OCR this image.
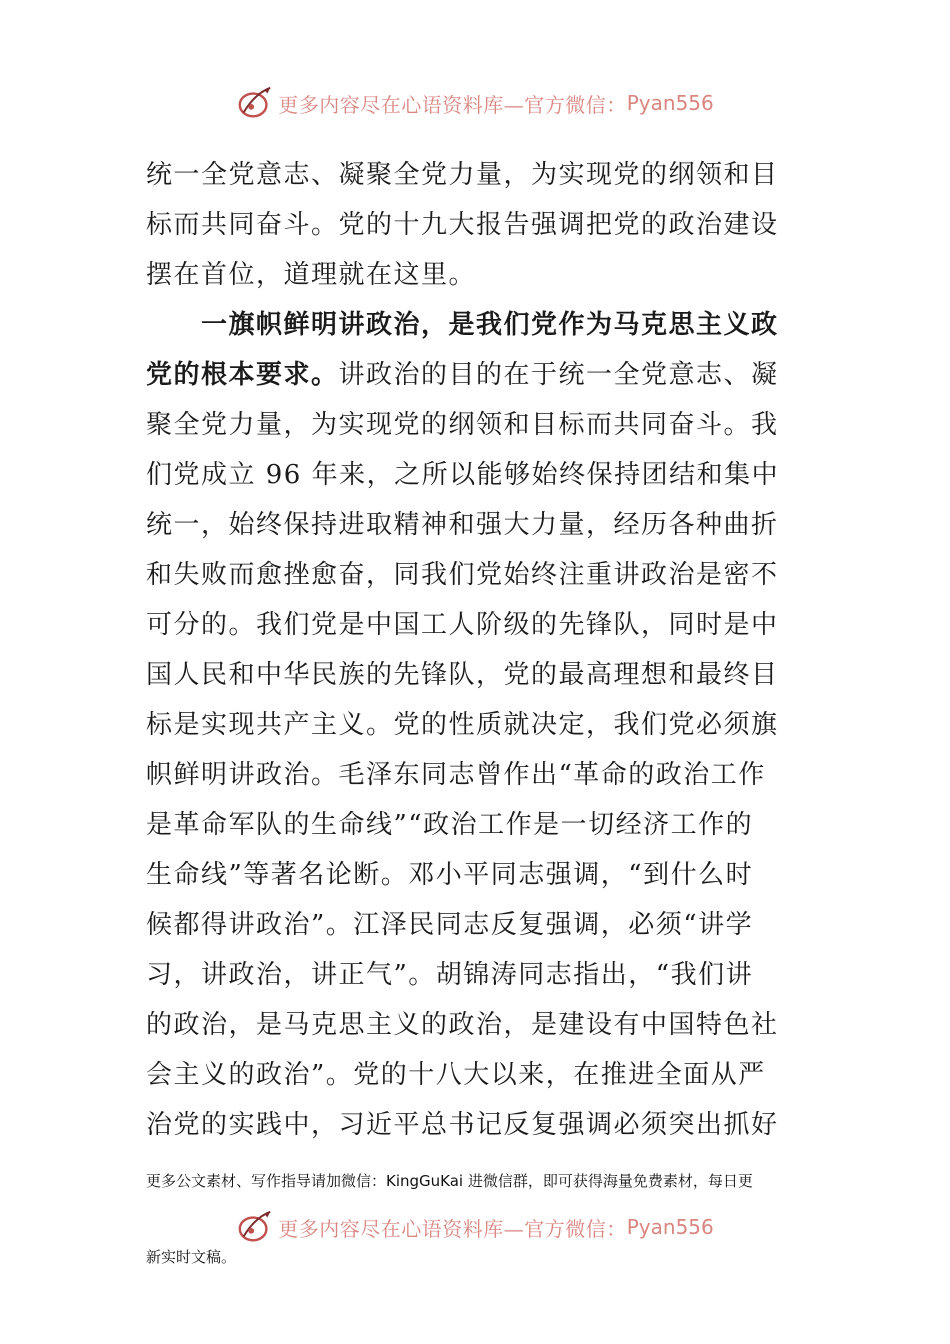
更多内容尽在心语资料库—官方微信： Pyan556
统一全党意志、凝聚全党力量，为实现党的纲领和目
标而共同奋斗。党的十九大报告强调把党的政治建设
摆在首位，道理就在这里。
　　一旗帜鲜明讲政治，是我们党作为马克思主义政
党的根本要求。讲政治的目的在于统一全党意志、凝
聚全党力量，为实现党的纲领和目标而共同奋斗。我
们党成立 96 年来，之所以能够始终保持团结和集中
统一，始终保持进取精神和强大力量，经历各种曲折
和失败而愈挫愈奋，同我们党始终注重讲政治是密不
可分的。我们党是中国工人阶级的先锋队，同时是中
国人民和中华民族的先锋队，党的最高理想和最终目
标是实现共产主义。党的性质就决定，我们党必须旗
帜鲜明讲政治。毛泽东同志曾作出“革命的政治工作
是革命军队的生命线”“政治工作是一切经济工作的
生命线”等著名论断。邓小平同志强调，“到什么时
候都得讲政治”。江泽民同志反复强调，必须“讲学
习，讲政治，讲正气”。胡锦涛同志指出，“我们讲
的政治，是马克思主义的政治，是建设有中国特色社
会主义的政治”。党的十八大以来，在推进全面从严
治党的实践中，习近平总书记反复强调必须突出抓好
更多公文素材、写作指导请加微信：KingGuKai 进微信群，即可获得海量免费素材，每日更
更多内容尽在心语资料库—官方微信： Pyan556
新实时文稿。
